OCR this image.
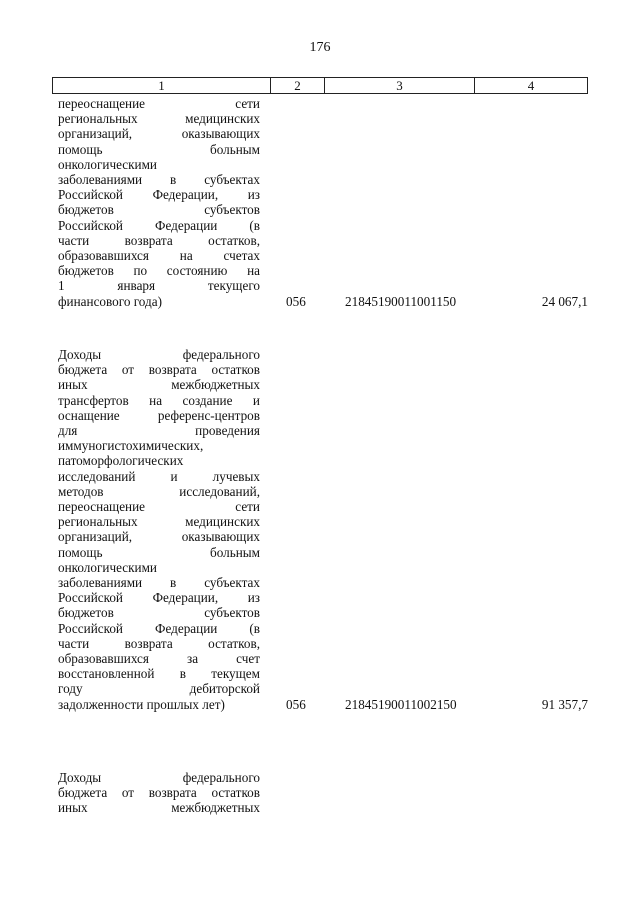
176
1	2	3	4
переоснащение сети
региональных медицинских
организаций, оказывающих
помощь больным
онкологическими
заболеваниями в субъектах
Российской Федерации, из
бюджетов субъектов
Российской Федерации (в
части возврата остатков,
образовавшихся на счетах
бюджетов по состоянию на
1 января текущего
финансового года)	056	21845190011001150	24 067,1
Доходы федерального
бюджета от возврата остатков
иных межбюджетных
трансфертов на создание и
оснащение референс-центров
для проведения
иммуногистохимических,
патоморфологических
исследований и лучевых
методов исследований,
переоснащение сети
региональных медицинских
организаций, оказывающих
помощь больным
онкологическими
заболеваниями в субъектах
Российской Федерации, из
бюджетов субъектов
Российской Федерации (в
части возврата остатков,
образовавшихся за счет
восстановленной в текущем
году дебиторской
задолженности прошлых лет)	056	21845190011002150	91 357,7
Доходы федерального
бюджета от возврата остатков
иных межбюджетных
